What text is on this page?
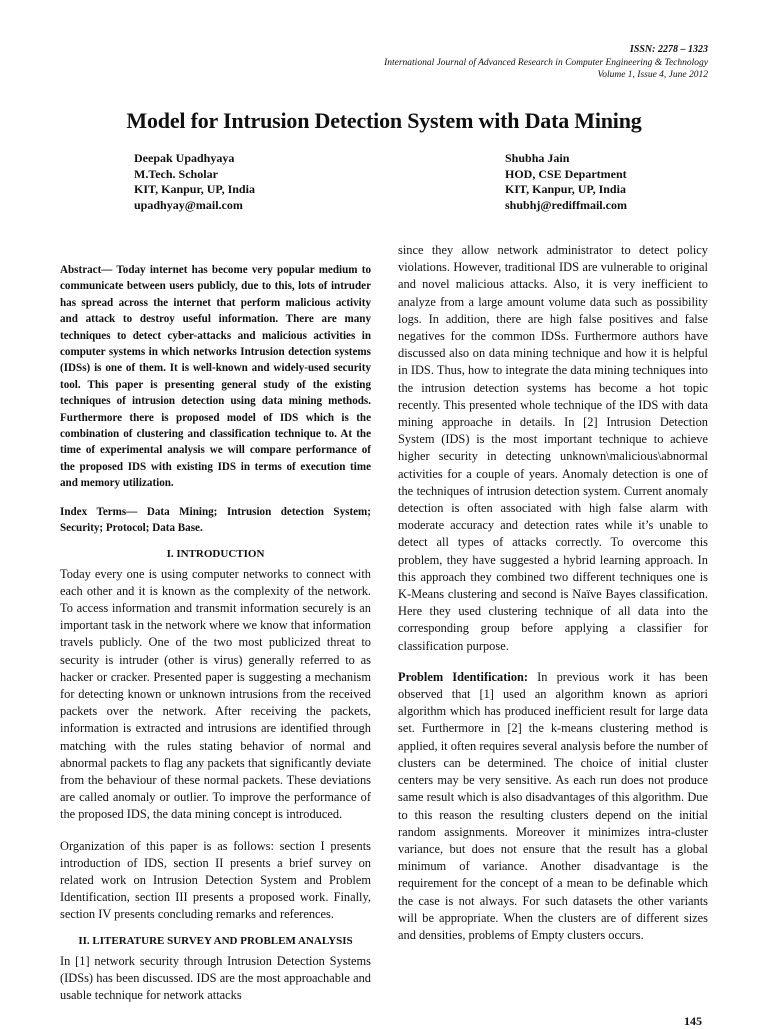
ISSN: 2278 – 1323
International Journal of Advanced Research in Computer Engineering & Technology
Volume 1, Issue 4, June 2012
Model for Intrusion Detection System with Data Mining
Deepak Upadhyaya
M.Tech. Scholar
KIT, Kanpur, UP, India
upadhyay@mail.com
Shubha Jain
HOD, CSE Department
KIT, Kanpur, UP, India
shubhj@rediffmail.com

Abstract— Today internet has become very popular medium to communicate between users publicly, due to this, lots of intruder has spread across the internet that perform malicious activity and attack to destroy useful information. There are many techniques to detect cyber-attacks and malicious activities in computer systems in which networks Intrusion detection systems (IDSs) is one of them. It is well-known and widely-used security tool. This paper is presenting general study of the existing techniques of intrusion detection using data mining methods. Furthermore there is proposed model of IDS which is the combination of clustering and classification technique to. At the time of experimental analysis we will compare performance of the proposed IDS with existing IDS in terms of execution time and memory utilization.

Index Terms— Data Mining; Intrusion detection System; Security; Protocol; Data Base.

I. INTRODUCTION

Today every one is using computer networks to connect with each other and it is known as the complexity of the network. To access information and transmit information securely is an important task in the network where we know that information travels publicly. One of the two most publicized threat to security is intruder (other is virus) generally referred to as hacker or cracker. Presented paper is suggesting a mechanism for detecting known or unknown intrusions from the received packets over the network. After receiving the packets, information is extracted and intrusions are identified through matching with the rules stating behavior of normal and abnormal packets to flag any packets that significantly deviate from the behaviour of these normal packets. These deviations are called anomaly or outlier. To improve the performance of the proposed IDS, the data mining concept is introduced.

Organization of this paper is as follows: section I presents introduction of IDS, section II presents a brief survey on related work on Intrusion Detection System and Problem Identification, section III presents a proposed work. Finally, section IV presents concluding remarks and references.

II. LITERATURE SURVEY AND PROBLEM ANALYSIS

In [1] network security through Intrusion Detection Systems (IDSs) has been discussed. IDS are the most approachable and usable technique for network attacks

since they allow network administrator to detect policy violations. However, traditional IDS are vulnerable to original and novel malicious attacks. Also, it is very inefficient to analyze from a large amount volume data such as possibility logs. In addition, there are high false positives and false negatives for the common IDSs. Furthermore authors have discussed also on data mining technique and how it is helpful in IDS. Thus, how to integrate the data mining techniques into the intrusion detection systems has become a hot topic recently. This presented whole technique of the IDS with data mining approache in details. In [2] Intrusion Detection System (IDS) is the most important technique to achieve higher security in detecting unknown\malicious\abnormal activities for a couple of years. Anomaly detection is one of the techniques of intrusion detection system. Current anomaly detection is often associated with high false alarm with moderate accuracy and detection rates while it’s unable to detect all types of attacks correctly. To overcome this problem, they have suggested a hybrid learning approach. In this approach they combined two different techniques one is K-Means clustering and second is Naïve Bayes classification. Here they used clustering technique of all data into the corresponding group before applying a classifier for classification purpose.

Problem Identification: In previous work it has been observed that [1] used an algorithm known as apriori algorithm which has produced inefficient result for large data set. Furthermore in [2] the k-means clustering method is applied, it often requires several analysis before the number of clusters can be determined. The choice of initial cluster centers may be very sensitive. As each run does not produce same result which is also disadvantages of this algorithm. Due to this reason the resulting clusters depend on the initial random assignments. Moreover it minimizes intra-cluster variance, but does not ensure that the result has a global minimum of variance. Another disadvantage is the requirement for the concept of a mean to be definable which the case is not always. For such datasets the other variants will be appropriate. When the clusters are of different sizes and densities, problems of Empty clusters occurs.

145
